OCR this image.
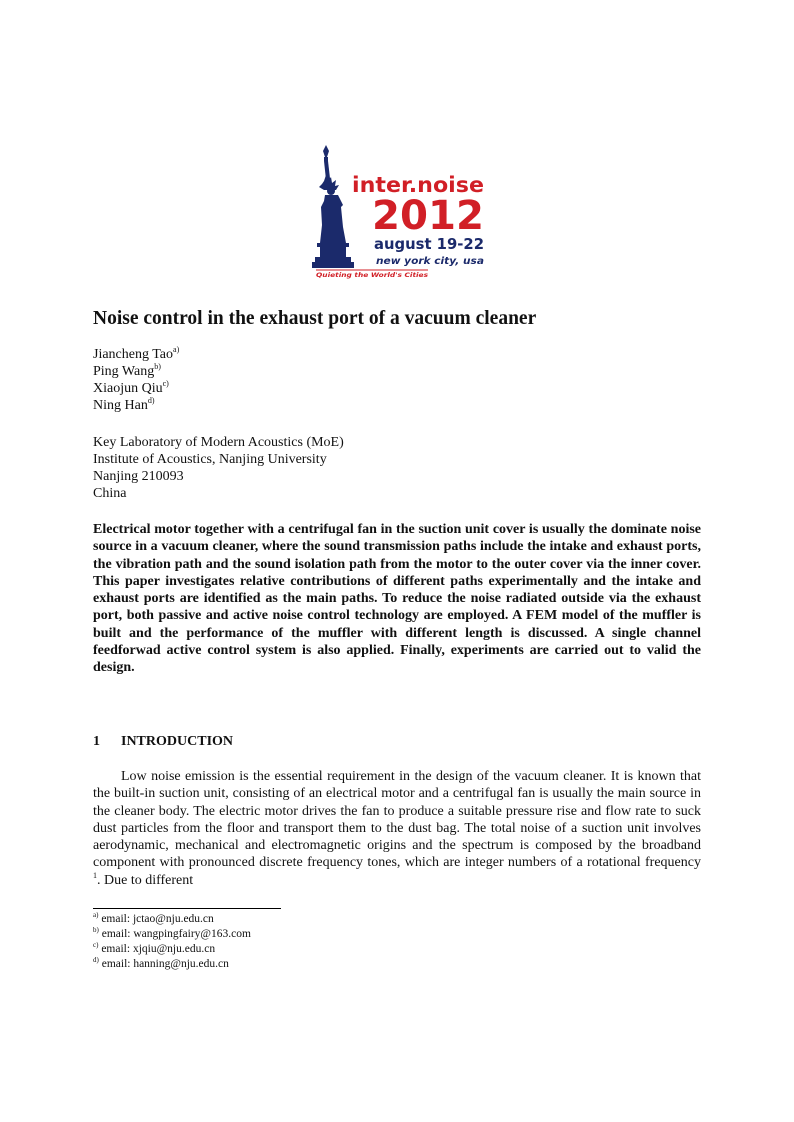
inter.noise
2012
august 19-22
new york city, usa
Quieting the World's Cities
Noise control in the exhaust port of a vacuum cleaner
Jiancheng Tao$^{a)}$
Ping Wang$^{b)}$
Xiaojun Qiu$^{c)}$
Ning Han$^{d)}$
Key Laboratory of Modern Acoustics (MoE)
Institute of Acoustics, Nanjing University
Nanjing 210093
China

Electrical motor together with a centrifugal fan in the suction unit cover is usually the dominate noise source in a vacuum cleaner, where the sound transmission paths include the intake and exhaust ports, the vibration path and the sound isolation path from the motor to the outer cover via the inner cover. This paper investigates relative contributions of different paths experimentally and the intake and exhaust ports are identified as the main paths. To reduce the noise radiated outside via the exhaust port, both passive and active noise control technology are employed. A FEM model of the muffler is built and the performance of the muffler with different length is discussed. A single channel feedforwad active control system is also applied. Finally, experiments are carried out to valid the design.

1 INTRODUCTION

Low noise emission is the essential requirement in the design of the vacuum cleaner. It is known that the built-in suction unit, consisting of an electrical motor and a centrifugal fan is usually the main source in the cleaner body. The electric motor drives the fan to produce a suitable pressure rise and flow rate to suck dust particles from the floor and transport them to the dust bag. The total noise of a suction unit involves aerodynamic, mechanical and electromagnetic origins and the spectrum is composed by the broadband component with pronounced discrete frequency tones, which are integer numbers of a rotational frequency $^1$. Due to different

$^{a)}$ email: jctao@nju.edu.cn
$^{b)}$ email: wangpingfairy@163.com
$^{c)}$ email: xjqiu@nju.edu.cn
$^{d)}$ email: hanning@nju.edu.cn
